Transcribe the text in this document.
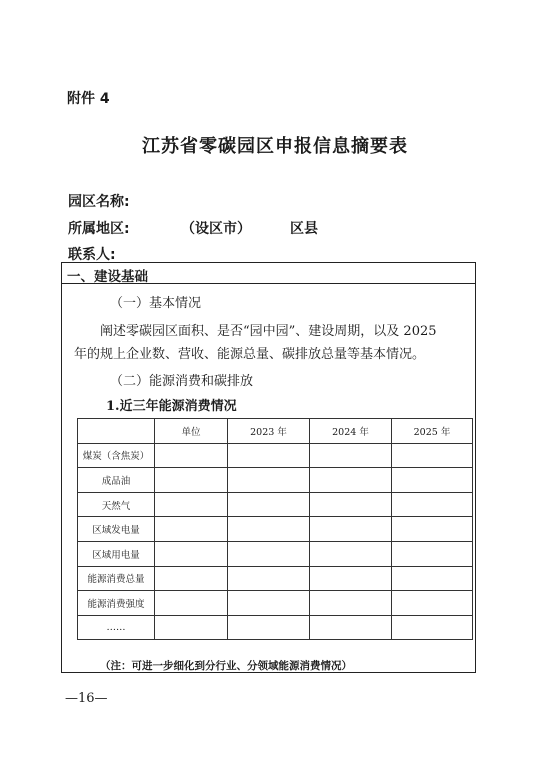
附件 4
江苏省零碳园区申报信息摘要表
园区名称:
所属地区:	（设区市）	区县
联系人:
一、建设基础
（一）基本情况
阐述零碳园区面积、是否“园中园”、建设周期，以及 2025
年的规上企业数、营收、能源总量、碳排放总量等基本情况。
（二）能源消费和碳排放
1.近三年能源消费情况
	单位	2023 年	2024 年	2025 年
煤炭（含焦炭）				
成品油				
天然气				
区域发电量				
区域用电量				
能源消费总量				
能源消费强度				
……				
（注：可进一步细化到分行业、分领域能源消费情况）
—16—
